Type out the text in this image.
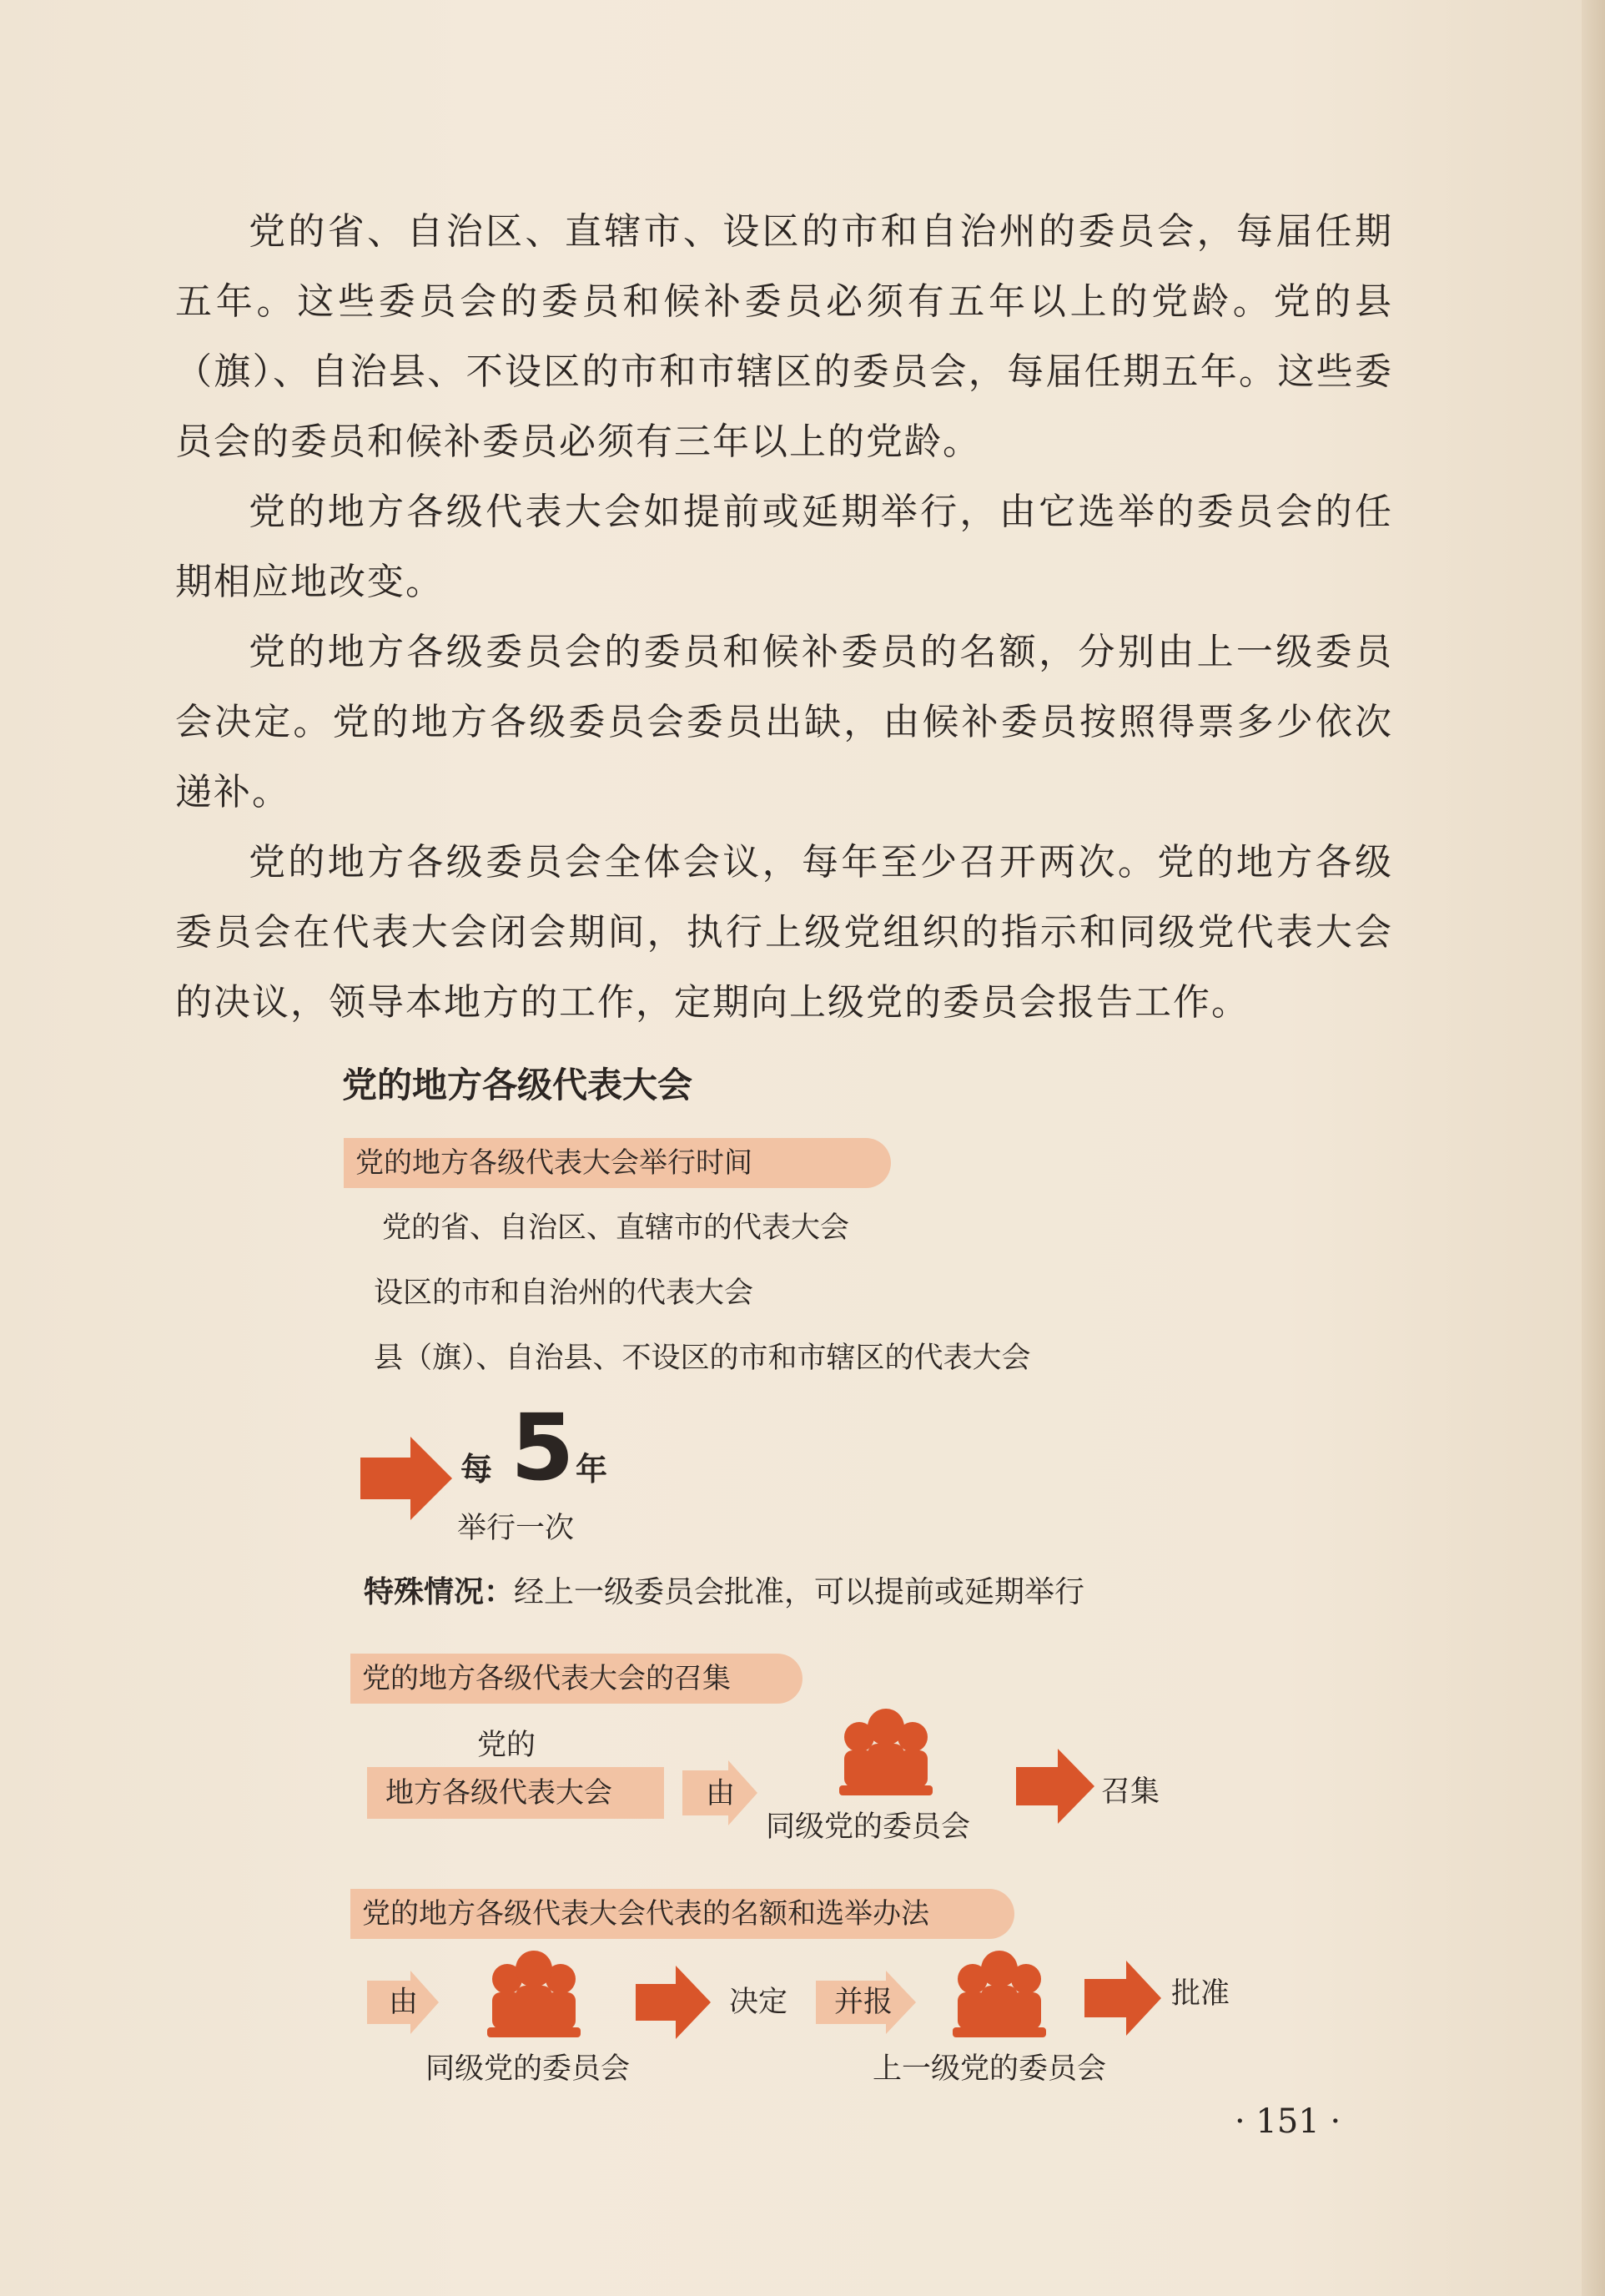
党的省、自治区、直辖市、设区的市和自治州的委员会，每届任期五年。这些委员会的委员和候补委员必须有五年以上的党龄。党的县（旗）、自治县、不设区的市和市辖区的委员会，每届任期五年。这些委员会的委员和候补委员必须有三年以上的党龄。

党的地方各级代表大会如提前或延期举行，由它选举的委员会的任期相应地改变。

党的地方各级委员会的委员和候补委员的名额，分别由上一级委员会决定。党的地方各级委员会委员出缺，由候补委员按照得票多少依次递补。

党的地方各级委员会全体会议，每年至少召开两次。党的地方各级委员会在代表大会闭会期间，执行上级党组织的指示和同级党代表大会的决议，领导本地方的工作，定期向上级党的委员会报告工作。

党的地方各级代表大会
党的地方各级代表大会举行时间
党的省、自治区、直辖市的代表大会
设区的市和自治州的代表大会
县（旗）、自治县、不设区的市和市辖区的代表大会
每 5 年
举行一次
特殊情况：经上一级委员会批准，可以提前或延期举行
党的地方各级代表大会的召集
党的
地方各级代表大会	由
同级党的委员会
召集
党的地方各级代表大会代表的名额和选举办法
由
同级党的委员会
决定 并报
上一级党的委员会
批准
· 151 ·
